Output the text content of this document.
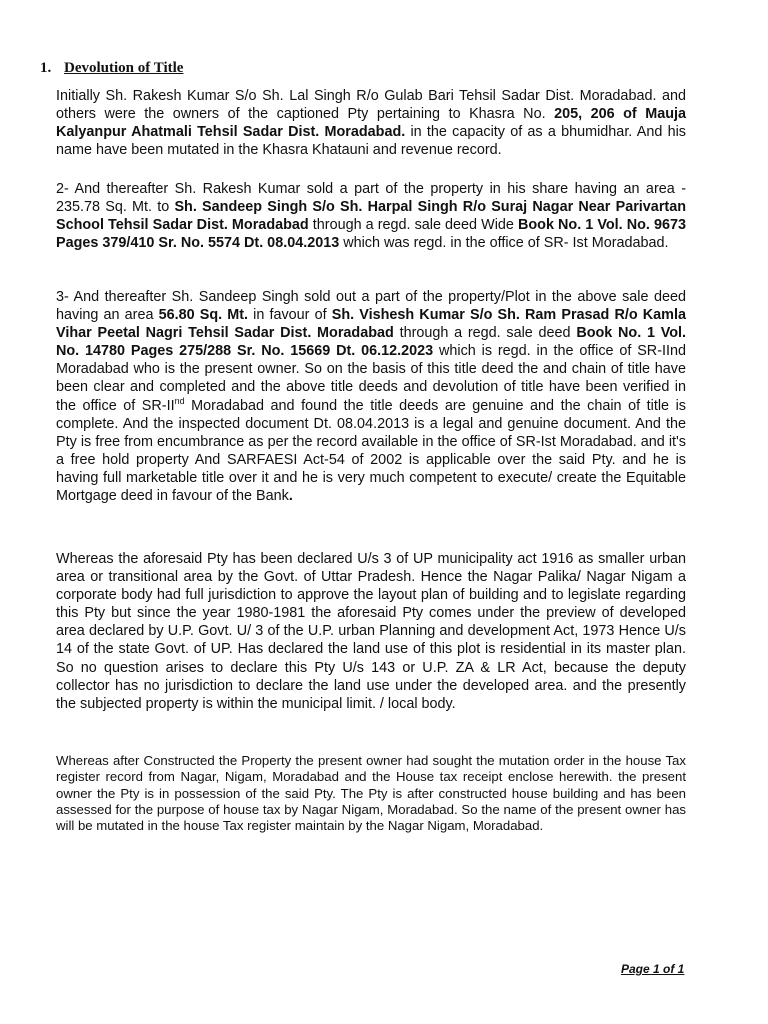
1. Devolution of Title

Initially Sh. Rakesh Kumar S/o Sh. Lal Singh R/o Gulab Bari Tehsil Sadar Dist. Moradabad. and others were the owners of the captioned Pty pertaining to Khasra No. 205, 206 of Mauja Kalyanpur Ahatmali Tehsil Sadar Dist. Moradabad. in the capacity of as a bhumidhar. And his name have been mutated in the Khasra Khatauni and revenue record.

2- And thereafter Sh. Rakesh Kumar sold a part of the property in his share having an area - 235.78 Sq. Mt. to Sh. Sandeep Singh S/o Sh. Harpal Singh R/o Suraj Nagar Near Parivartan School Tehsil Sadar Dist. Moradabad through a regd. sale deed Wide Book No. 1 Vol. No. 9673 Pages 379/410 Sr. No. 5574 Dt. 08.04.2013 which was regd. in the office of SR- Ist Moradabad.

3- And thereafter Sh. Sandeep Singh sold out a part of the property/Plot in the above sale deed having an area 56.80 Sq. Mt. in favour of Sh. Vishesh Kumar S/o Sh. Ram Prasad R/o Kamla Vihar Peetal Nagri Tehsil Sadar Dist. Moradabad through a regd. sale deed Book No. 1 Vol. No. 14780 Pages 275/288 Sr. No. 15669 Dt. 06.12.2023 which is regd. in the office of SR-IInd Moradabad who is the present owner. So on the basis of this title deed the and chain of title have been clear and completed and the above title deeds and devolution of title have been verified in the office of SR-IInd Moradabad and found the title deeds are genuine and the chain of title is complete. And the inspected document Dt. 08.04.2013 is a legal and genuine document. And the Pty is free from encumbrance as per the record available in the office of SR-Ist Moradabad. and it's a free hold property And SARFAESI Act-54 of 2002 is applicable over the said Pty. and he is having full marketable title over it and he is very much competent to execute/ create the Equitable Mortgage deed in favour of the Bank.

Whereas the aforesaid Pty has been declared U/s 3 of UP municipality act 1916 as smaller urban area or transitional area by the Govt. of Uttar Pradesh. Hence the Nagar Palika/ Nagar Nigam a corporate body had full jurisdiction to approve the layout plan of building and to legislate regarding this Pty but since the year 1980-1981 the aforesaid Pty comes under the preview of developed area declared by U.P. Govt. U/ 3 of the U.P. urban Planning and development Act, 1973 Hence U/s 14 of the state Govt. of UP. Has declared the land use of this plot is residential in its master plan. So no question arises to declare this Pty U/s 143 or U.P. ZA & LR Act, because the deputy collector has no jurisdiction to declare the land use under the developed area. and the presently the subjected property is within the municipal limit. / local body.

Whereas after Constructed the Property the present owner had sought the mutation order in the house Tax register record from Nagar, Nigam, Moradabad and the House tax receipt enclose herewith. the present owner the Pty is in possession of the said Pty. The Pty is after constructed house building and has been assessed for the purpose of house tax by Nagar Nigam, Moradabad. So the name of the present owner has will be mutated in the house Tax register maintain by the Nagar Nigam, Moradabad.

Page 1 of 1
